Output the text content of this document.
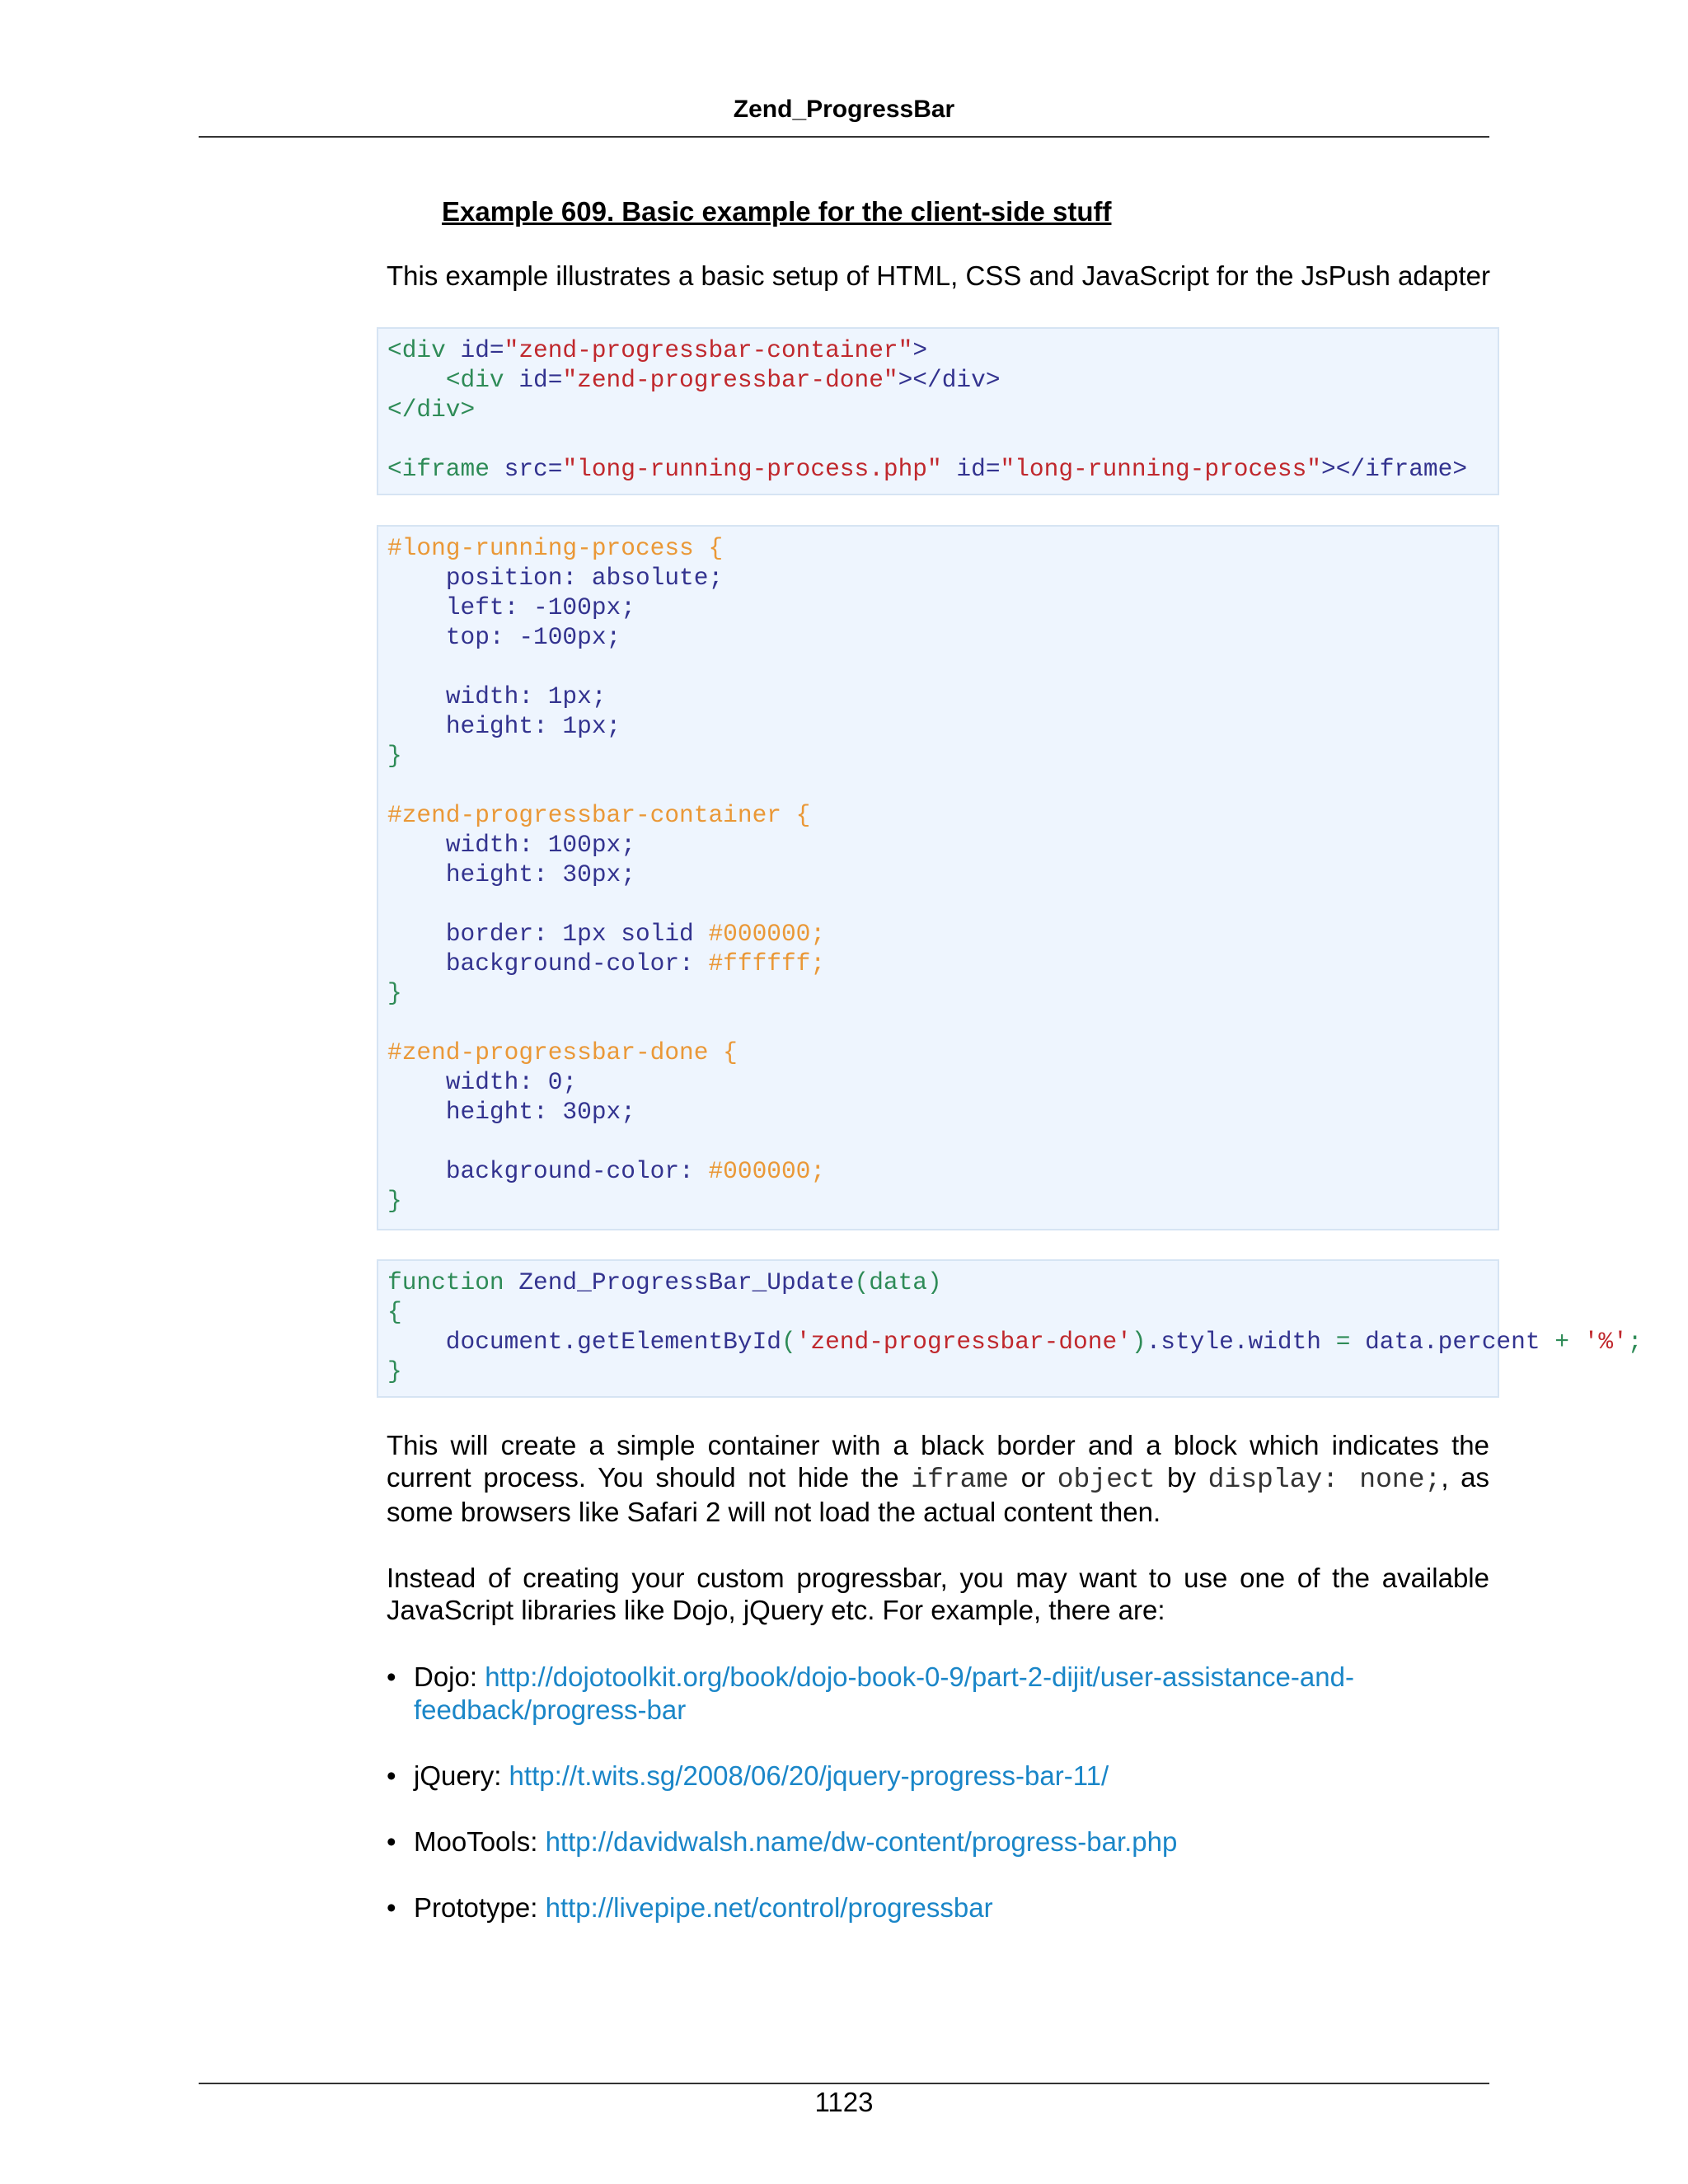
Zend_ProgressBar
Example 609. Basic example for the client-side stuff
This example illustrates a basic setup of HTML, CSS and JavaScript for the JsPush adapter
<div id="zend-progressbar-container">
<div id="zend-progressbar-done"></div>
</div>

<iframe src="long-running-process.php" id="long-running-process"></iframe>
#long-running-process {
position: absolute;
left: -100px;
top: -100px;

width: 1px;
height: 1px;
}

#zend-progressbar-container {
width: 100px;
height: 30px;

border: 1px solid #000000;
background-color: #ffffff;
}

#zend-progressbar-done {
width: 0;
height: 30px;

background-color: #000000;
}
function Zend_ProgressBar_Update(data)
{
document.getElementById('zend-progressbar-done').style.width = data.percent + '%';
}

This will create a simple container with a black border and a block which indicates the current process. You should not hide the iframe or object by display: none;, as some browsers like Safari 2 will not load the actual content then.

Instead of creating your custom progressbar, you may want to use one of the available JavaScript libraries like Dojo, jQuery etc. For example, there are:

• Dojo: http://dojotoolkit.org/book/dojo-book-0-9/part-2-dijit/user-assistance-and-feedback/progress-bar
• jQuery: http://t.wits.sg/2008/06/20/jquery-progress-bar-11/
• MooTools: http://davidwalsh.name/dw-content/progress-bar.php
• Prototype: http://livepipe.net/control/progressbar
1123
